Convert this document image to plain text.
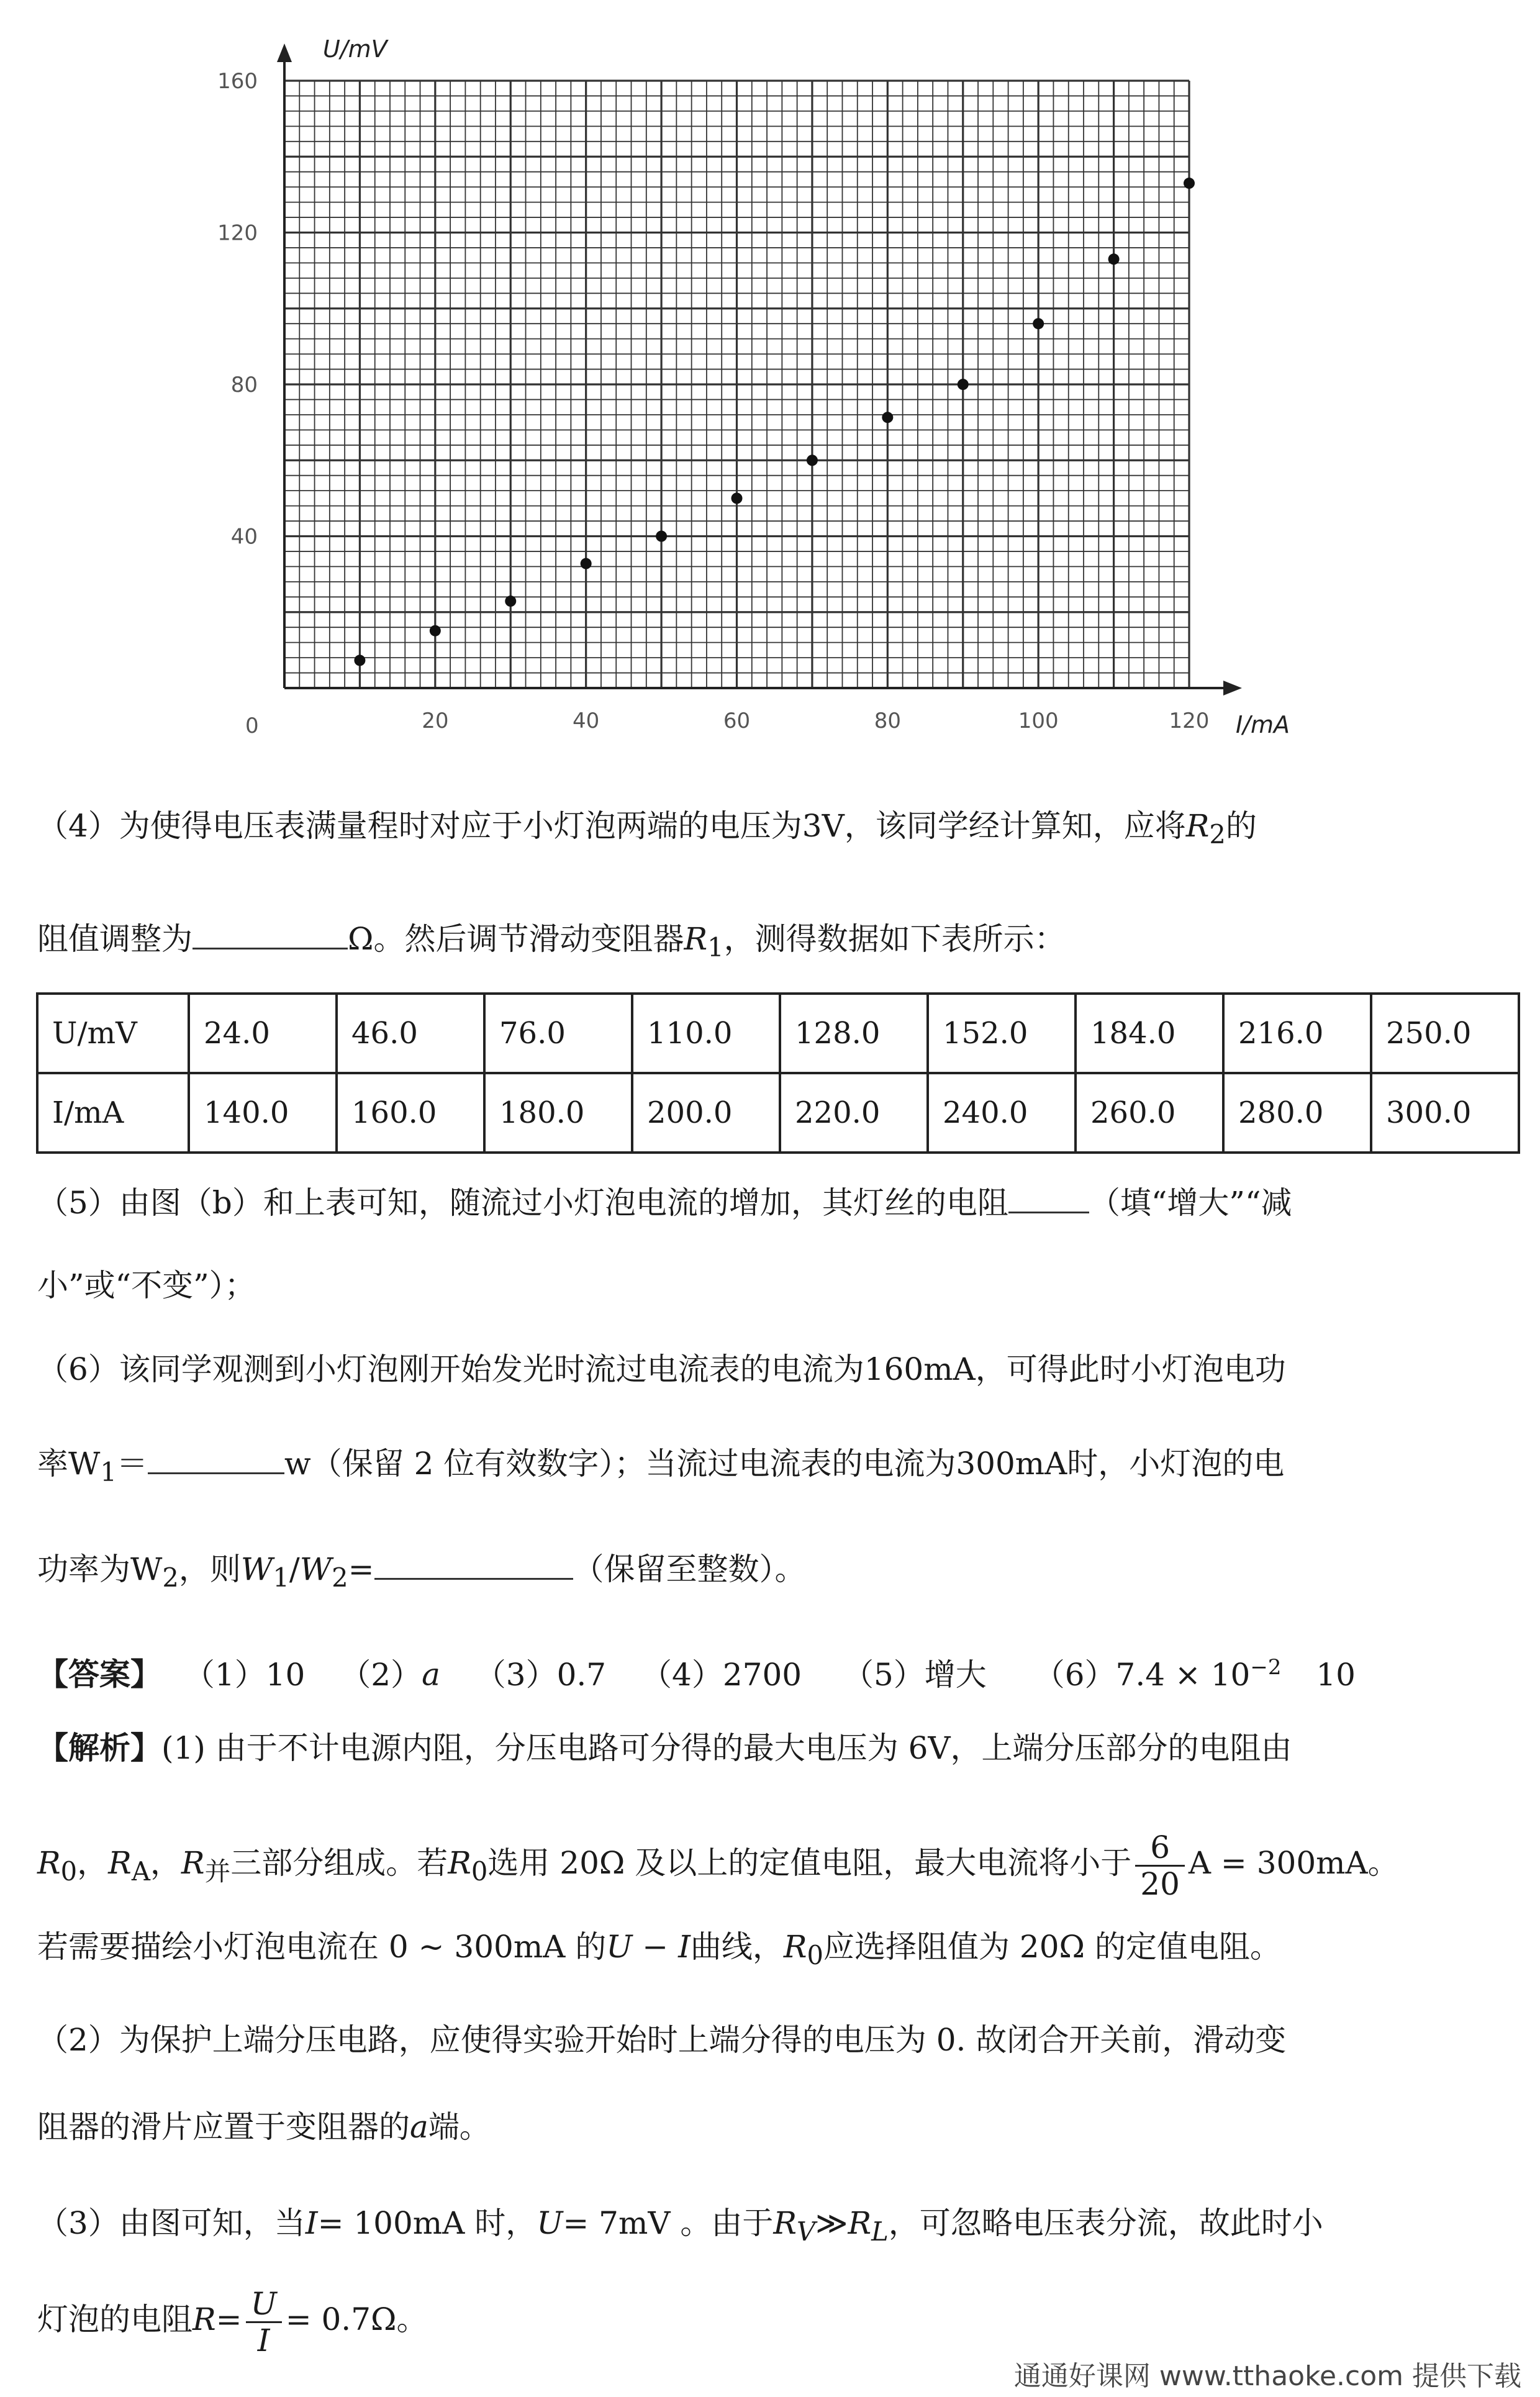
20	40	60	80	100	120
40
80
120
160
U/mV
I/mA
0
（4）为使得电压表满量程时对应于小灯泡两端的电压为3V，该同学经计算知，应将$R_2$的
阻值调整为	Ω。然后调节滑动变阻器$R_1$，测得数据如下表所示：
U/mV	24.0	46.0	76.0	110.0	128.0	152.0	184.0	216.0	250.0
I/mA	140.0	160.0	180.0	200.0	220.0	240.0	260.0	280.0	300.0
（5）由图（b）和上表可知，随流过小灯泡电流的增加，其灯丝的电阻	（填“增大”“减
小”或“不变”）；
（6）该同学观测到小灯泡刚开始发光时流过电流表的电流为160mA，可得此时小灯泡电功
率$W_1=$	w（保留 2 位有效数字）；当流过电流表的电流为300mA时，小灯泡的电
功率为$W_2$，则$W_1/W_2=$	（保留至整数）。
【答案】 （1）10 （2）a （3）0.7 （4）2700 （5）增大 $(6)7.4 \times 10^{-2}$ 10
【解析】(1) 由于不计电源内阻，分压电路可分得的最大电压为 6V，上端分压部分的电阻由
$R_0$，$R_A$，$R_并$三部分组成。若$R_0$选用 20Ω 及以上的定值电阻，最大电流将小于 $\frac{6}{20}$ A = 300mA。
若需要描绘小灯泡电流在 0 ~ 300mA 的U − I曲线，$R_0$应选择阻值为 20Ω 的定值电阻。
（2）为保护上端分压电路，应使得实验开始时上端分得的电压为 0. 故闭合开关前，滑动变
阻器的滑片应置于变阻器的a端。
（3）由图可知，当I= 100mA 时，U= 7mV 。由于$R_V≫R_L$，可忽略电压表分流，故此时小
灯泡的电阻$R= \frac{U}{I} = 0.7\Omega$。
通通好课网 www.tthaoke.com 提供下载
